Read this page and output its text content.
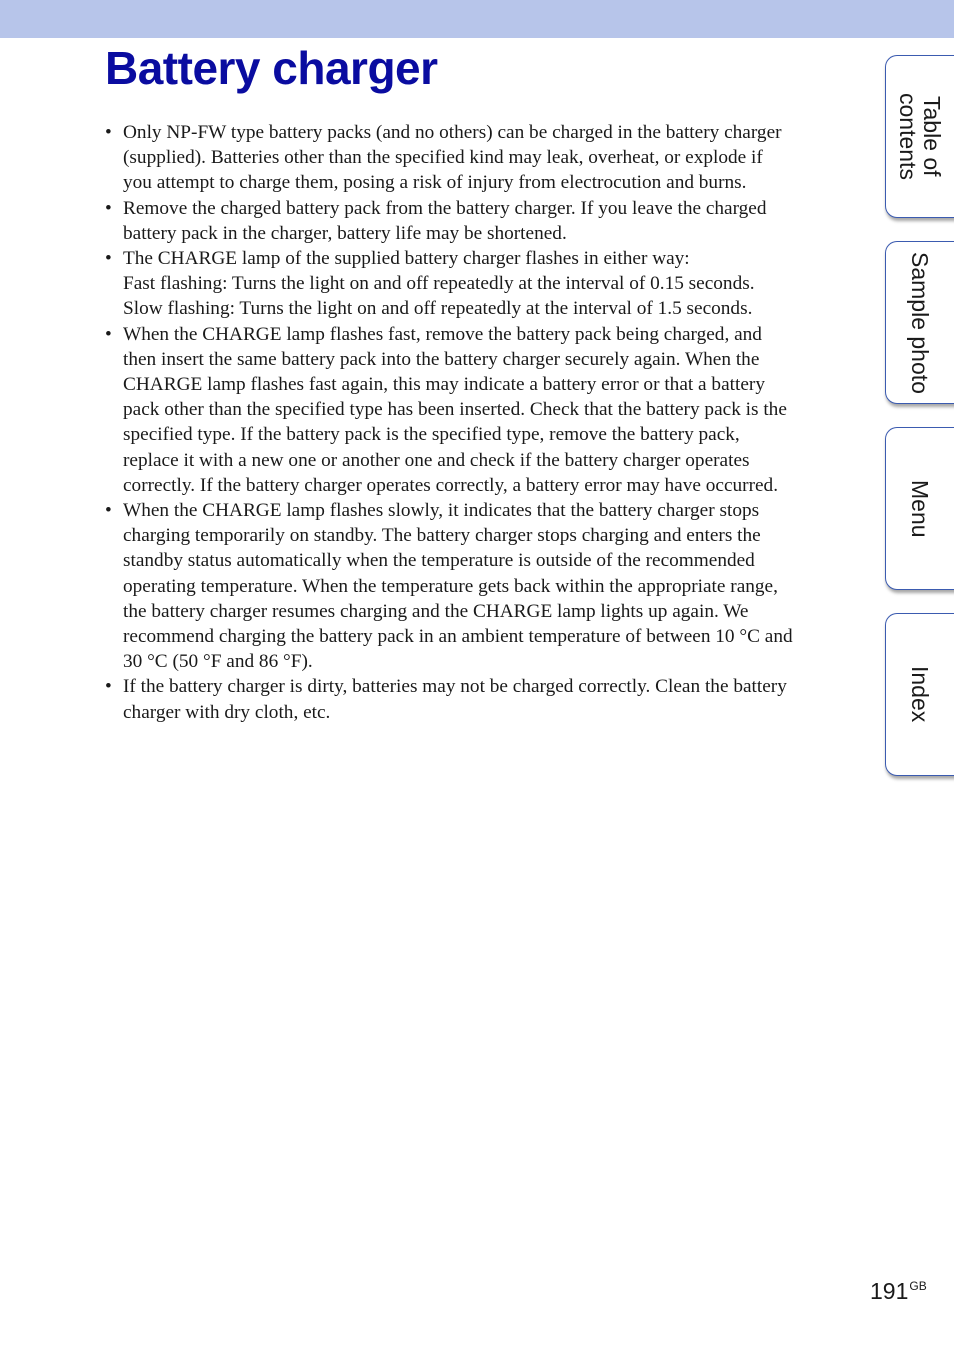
Battery charger
• Only NP-FW type battery packs (and no others) can be charged in the battery charger
(supplied). Batteries other than the specified kind may leak, overheat, or explode if
you attempt to charge them, posing a risk of injury from electrocution and burns.
• Remove the charged battery pack from the battery charger. If you leave the charged
battery pack in the charger, battery life may be shortened.
• The CHARGE lamp of the supplied battery charger flashes in either way:
Fast flashing: Turns the light on and off repeatedly at the interval of 0.15 seconds.
Slow flashing: Turns the light on and off repeatedly at the interval of 1.5 seconds.
• When the CHARGE lamp flashes fast, remove the battery pack being charged, and
then insert the same battery pack into the battery charger securely again. When the
CHARGE lamp flashes fast again, this may indicate a battery error or that a battery
pack other than the specified type has been inserted. Check that the battery pack is the
specified type. If the battery pack is the specified type, remove the battery pack,
replace it with a new one or another one and check if the battery charger operates
correctly. If the battery charger operates correctly, a battery error may have occurred.
• When the CHARGE lamp flashes slowly, it indicates that the battery charger stops
charging temporarily on standby. The battery charger stops charging and enters the
standby status automatically when the temperature is outside of the recommended
operating temperature. When the temperature gets back within the appropriate range,
the battery charger resumes charging and the CHARGE lamp lights up again. We
recommend charging the battery pack in an ambient temperature of between 10 °C and
30 °C (50 °F and 86 °F).
• If the battery charger is dirty, batteries may not be charged correctly. Clean the battery
charger with dry cloth, etc.
Table of
contents
Sample photo
Menu
Index
$191^{GB}$
